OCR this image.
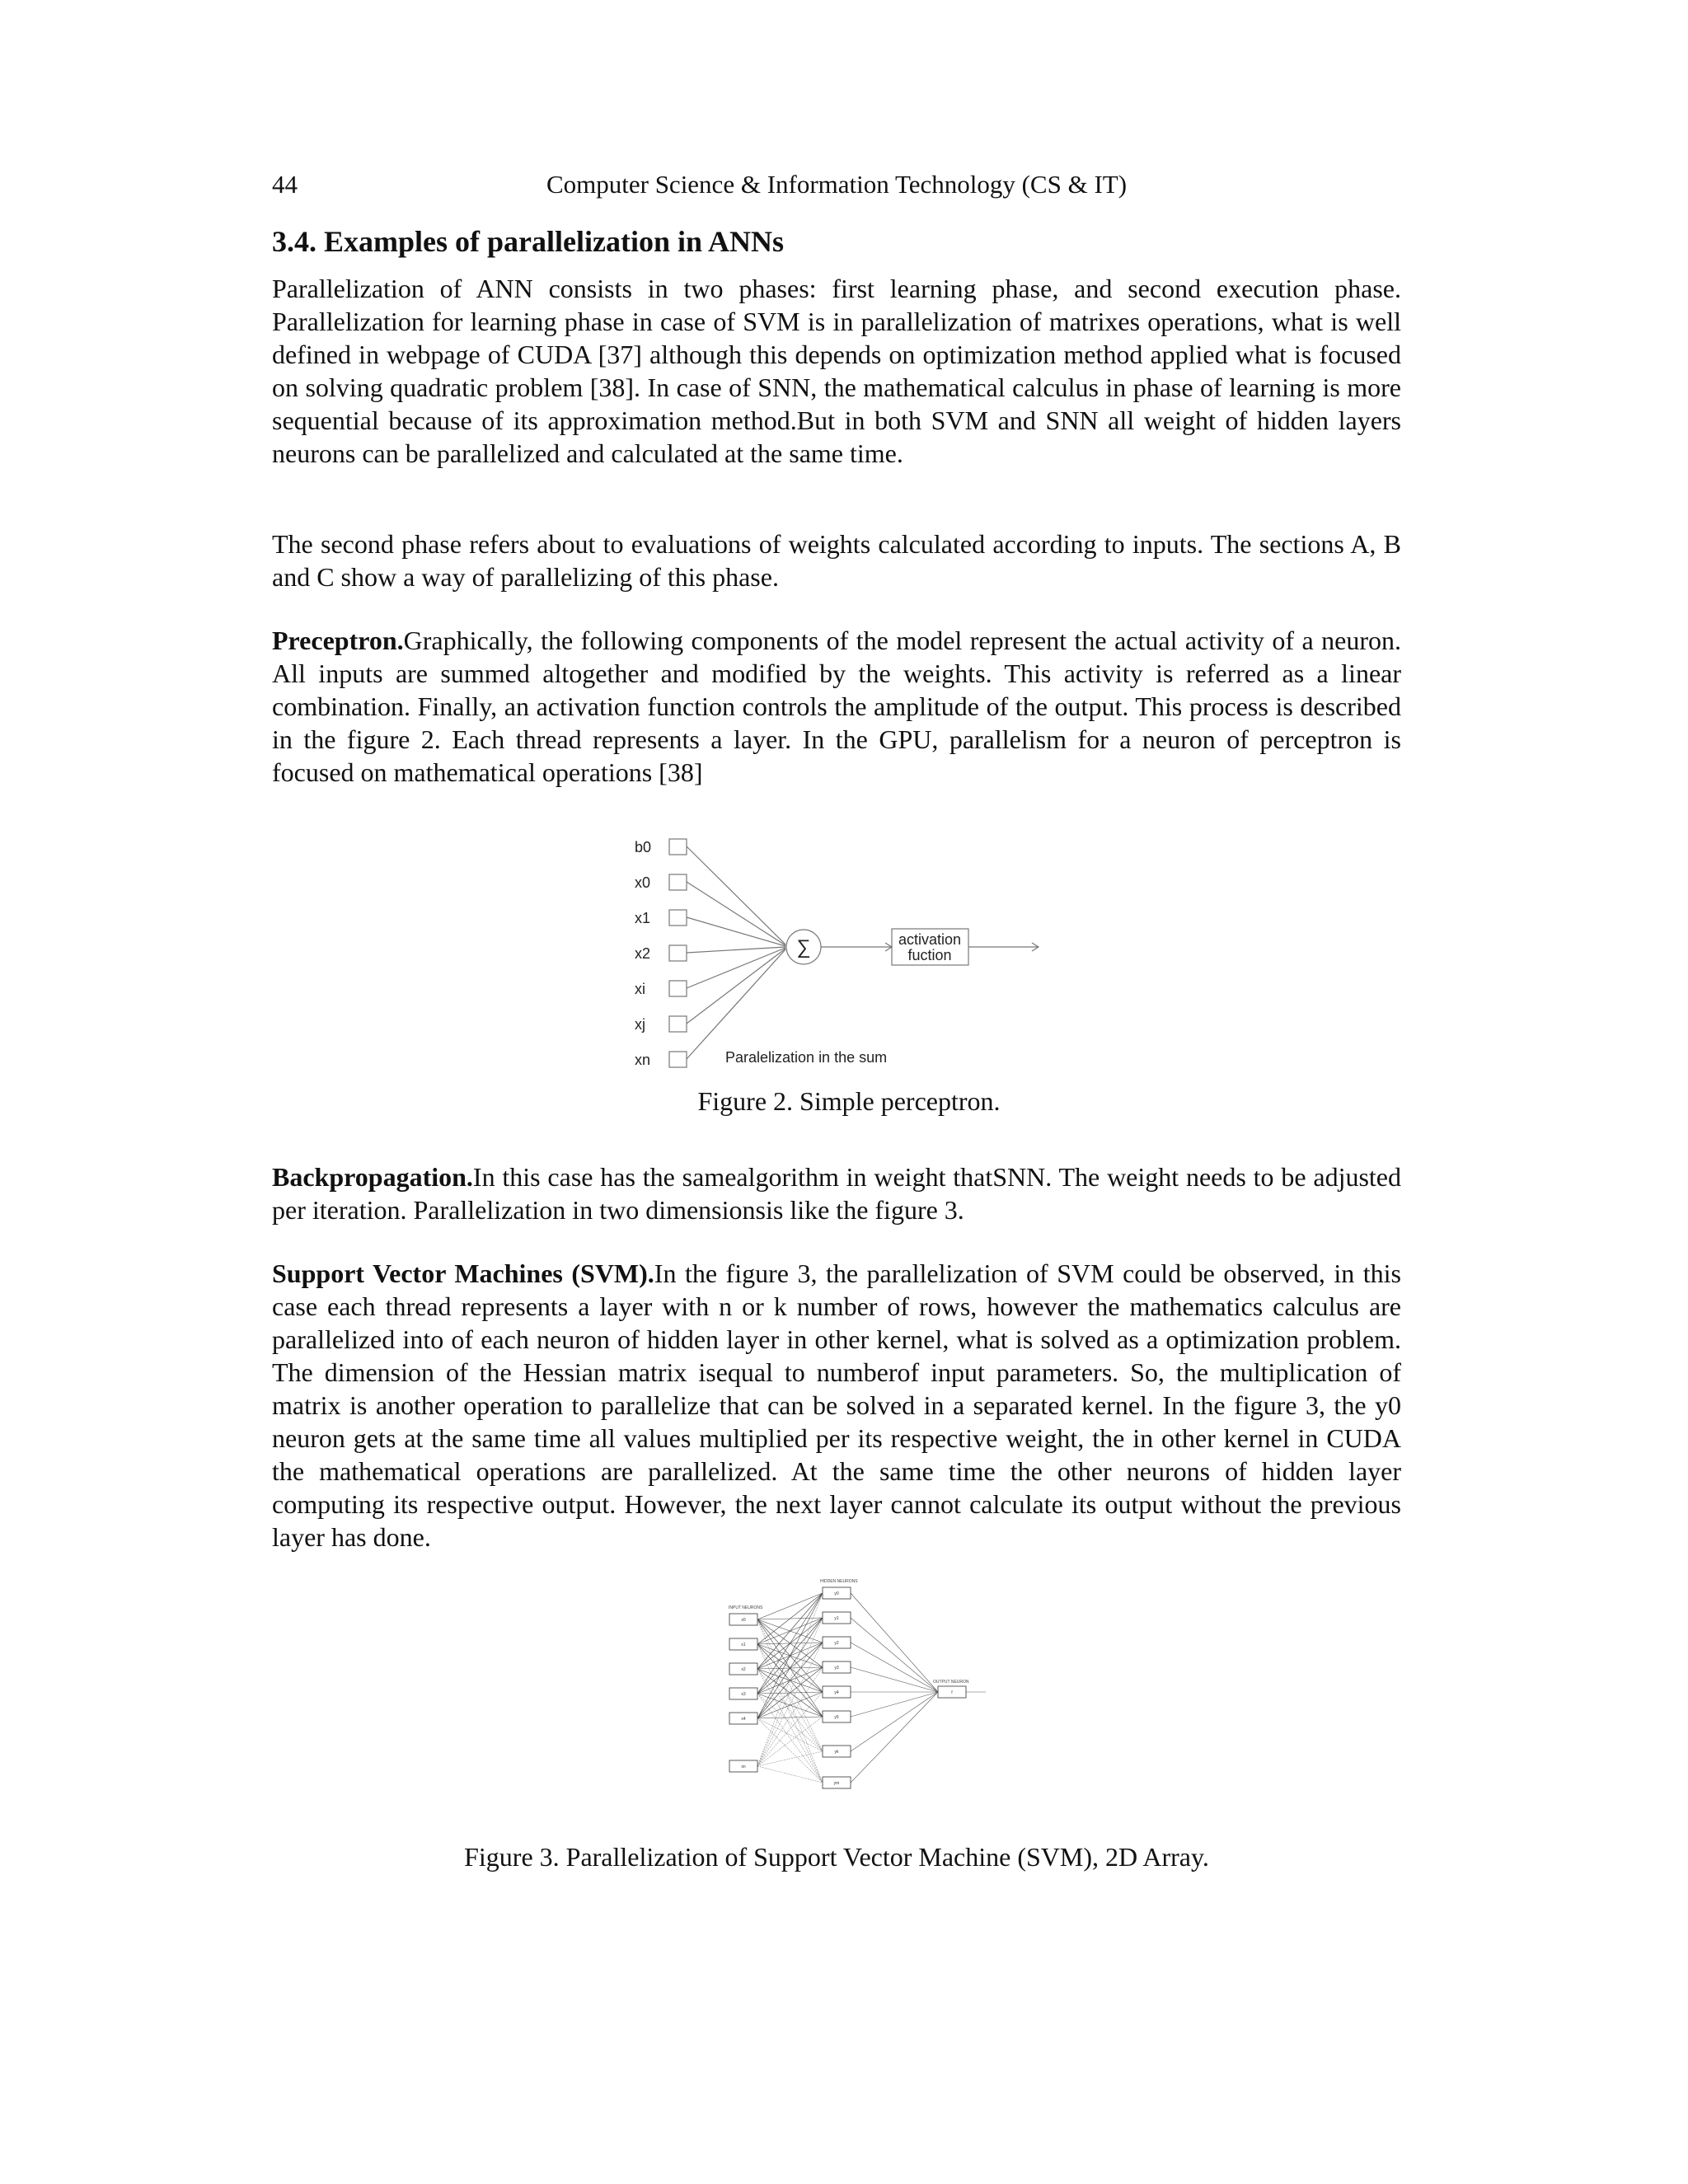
44	Computer Science & Information Technology (CS & IT)
3.4. Examples of parallelization in ANNs

Parallelization of ANN consists in two phases: first learning phase, and second execution phase. Parallelization for learning phase in case of SVM is in parallelization of matrixes operations, what is well defined in webpage of CUDA [37] although this depends on optimization method applied what is focused on solving quadratic problem [38]. In case of SNN, the mathematical calculus in phase of learning is more sequential because of its approximation method.But in both SVM and SNN all weight of hidden layers neurons can be parallelized and calculated at the same time.

The second phase refers about to evaluations of weights calculated according to inputs. The sections A, B and C show a way of parallelizing of this phase.

Preceptron.Graphically, the following components of the model represent the actual activity of a neuron. All inputs are summed altogether and modified by the weights. This activity is referred as a linear combination. Finally, an activation function controls the amplitude of the output. This process is described in the figure 2. Each thread represents a layer. In the GPU, parallelism for a neuron of perceptron is focused on mathematical operations [38]

b0
x0
x1
x2
xi
xj
xn
∑	activation
fuction
Paralelization in the sum
Figure 2. Simple perceptron.

Backpropagation.In this case has the samealgorithm in weight thatSNN. The weight needs to be adjusted per iteration. Parallelization in two dimensionsis like the figure 3.

Support Vector Machines (SVM).In the figure 3, the parallelization of SVM could be observed, in this case each thread represents a layer with n or k number of rows, however the mathematics calculus are parallelized into of each neuron of hidden layer in other kernel, what is solved as a optimization problem. The dimension of the Hessian matrix isequal to numberof input parameters. So, the multiplication of matrix is another operation to parallelize that can be solved in a separated kernel. In the figure 3, the y0 neuron gets at the same time all values multiplied per its respective weight, the in other kernel in CUDA the mathematical operations are parallelized. At the same time the other neurons of hidden layer computing its respective output. However, the next layer cannot calculate its output without the previous layer has done.

INPUT NEURONS
HIDDEN NEURONS
OUTPUT NEURON
x0
x1
x2
x3
x4
xn
y0
y1
y2
y3
y4
y5
yk
ym
f
Figure 3. Parallelization of Support Vector Machine (SVM), 2D Array.
